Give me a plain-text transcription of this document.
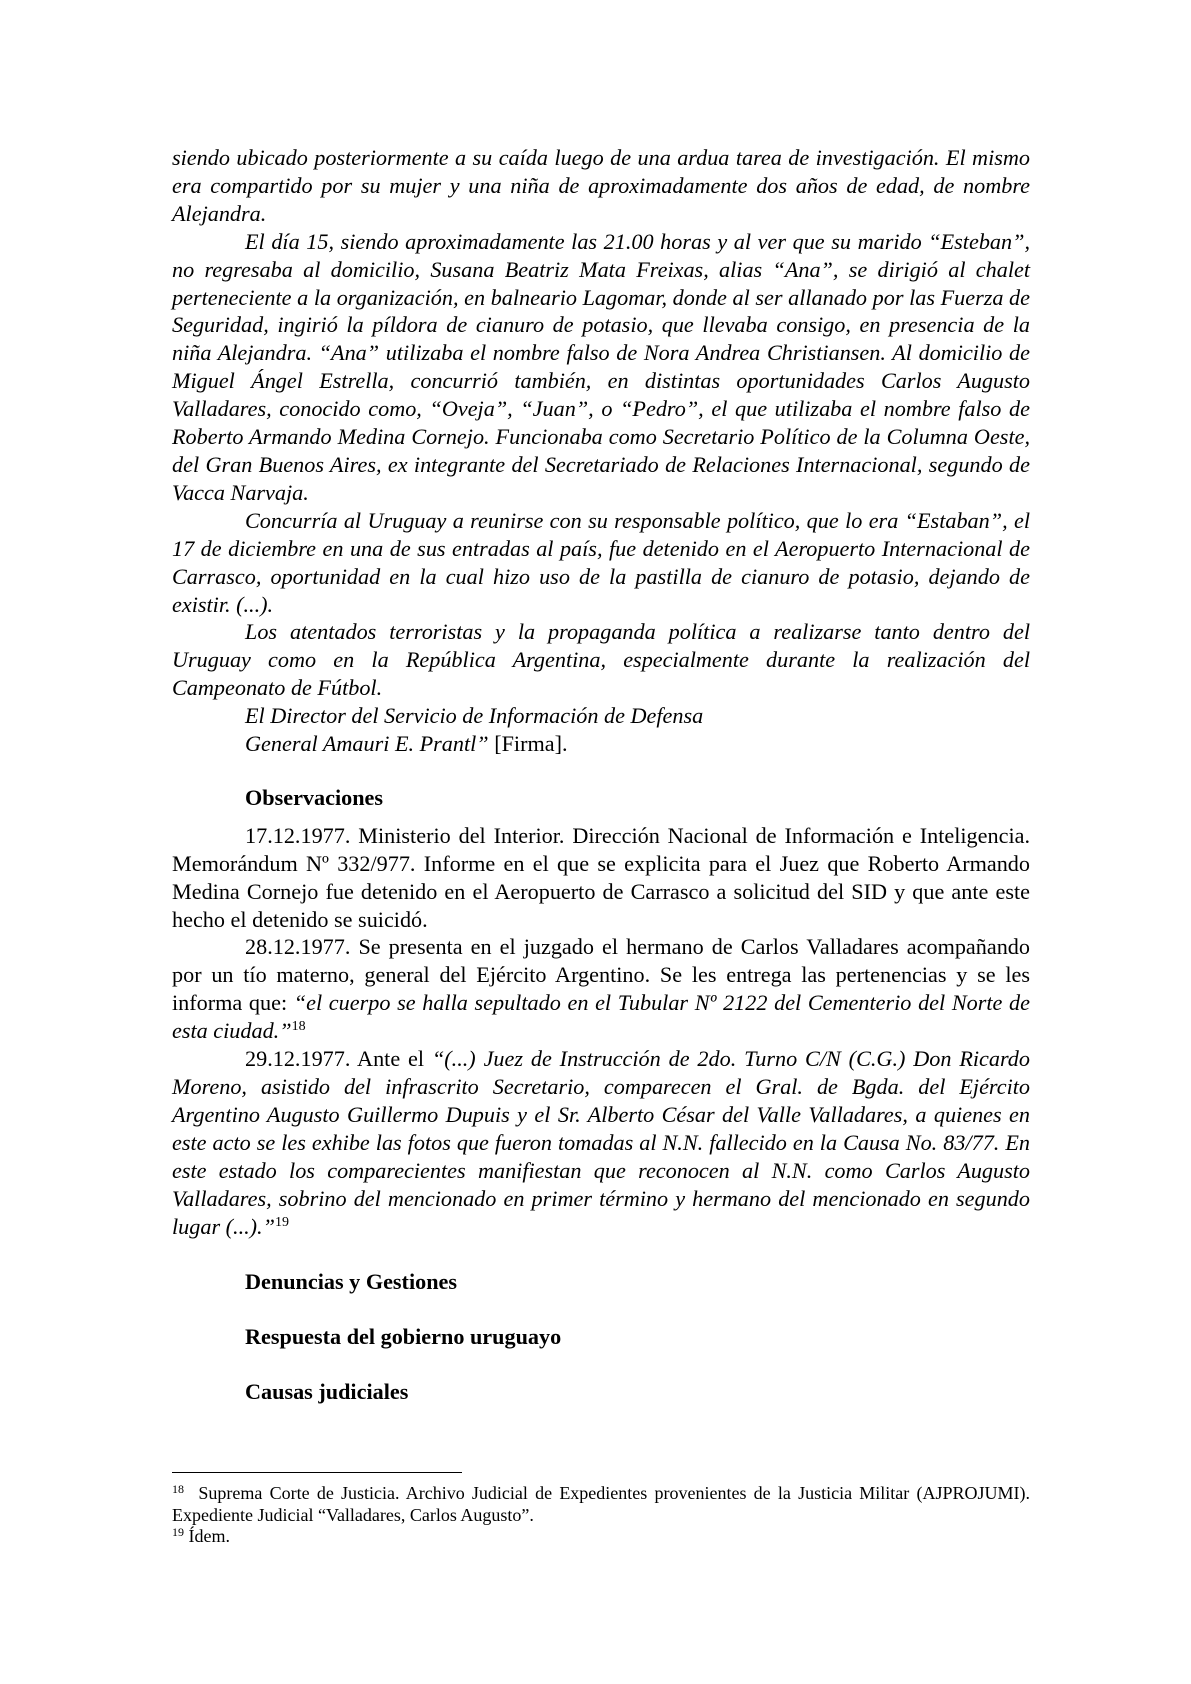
siendo ubicado posteriormente a su caída luego de una ardua tarea de investigación. El mismo era compartido por su mujer y una niña de aproximadamente dos años de edad, de nombre Alejandra.

El día 15, siendo aproximadamente las 21.00 horas y al ver que su marido “Esteban”, no regresaba al domicilio, Susana Beatriz Mata Freixas, alias “Ana”, se dirigió al chalet perteneciente a la organización, en balneario Lagomar, donde al ser allanado por las Fuerza de Seguridad, ingirió la píldora de cianuro de potasio, que llevaba consigo, en presencia de la niña Alejandra. “Ana” utilizaba el nombre falso de Nora Andrea Christiansen. Al domicilio de Miguel Ángel Estrella, concurrió también, en distintas oportunidades Carlos Augusto Valladares, conocido como, “Oveja”, “Juan”, o “Pedro”, el que utilizaba el nombre falso de Roberto Armando Medina Cornejo. Funcionaba como Secretario Político de la Columna Oeste, del Gran Buenos Aires, ex integrante del Secretariado de Relaciones Internacional, segundo de Vacca Narvaja.

Concurría al Uruguay a reunirse con su responsable político, que lo era “Estaban”, el 17 de diciembre en una de sus entradas al país, fue detenido en el Aeropuerto Internacional de Carrasco, oportunidad en la cual hizo uso de la pastilla de cianuro de potasio, dejando de existir. (...).

Los atentados terroristas y la propaganda política a realizarse tanto dentro del Uruguay como en la República Argentina, especialmente durante la realización del Campeonato de Fútbol.

El Director del Servicio de Información de Defensa

General Amauri E. Prantl” [Firma].

Observaciones

17.12.1977. Ministerio del Interior. Dirección Nacional de Información e Inteligencia. Memorándum Nº 332/977. Informe en el que se explicita para el Juez que Roberto Armando Medina Cornejo fue detenido en el Aeropuerto de Carrasco a solicitud del SID y que ante este hecho el detenido se suicidó.

28.12.1977. Se presenta en el juzgado el hermano de Carlos Valladares acompañando por un tío materno, general del Ejército Argentino. Se les entrega las pertenencias y se les informa que: “el cuerpo se halla sepultado en el Tubular Nº 2122 del Cementerio del Norte de esta ciudad.”$^{18}$

29.12.1977. Ante el “(...) Juez de Instrucción de 2do. Turno C/N (C.G.) Don Ricardo Moreno, asistido del infrascrito Secretario, comparecen el Gral. de Bgda. del Ejército Argentino Augusto Guillermo Dupuis y el Sr. Alberto César del Valle Valladares, a quienes en este acto se les exhibe las fotos que fueron tomadas al N.N. fallecido en la Causa No. 83/77. En este estado los comparecientes manifiestan que reconocen al N.N. como Carlos Augusto Valladares, sobrino del mencionado en primer término y hermano del mencionado en segundo lugar (...).”$^{19}$

Denuncias y Gestiones
Respuesta del gobierno uruguayo
Causas judiciales

$^{18}$ Suprema Corte de Justicia. Archivo Judicial de Expedientes provenientes de la Justicia Militar (AJPROJUMI). Expediente Judicial “Valladares, Carlos Augusto”.

$^{19}$ Ídem.
